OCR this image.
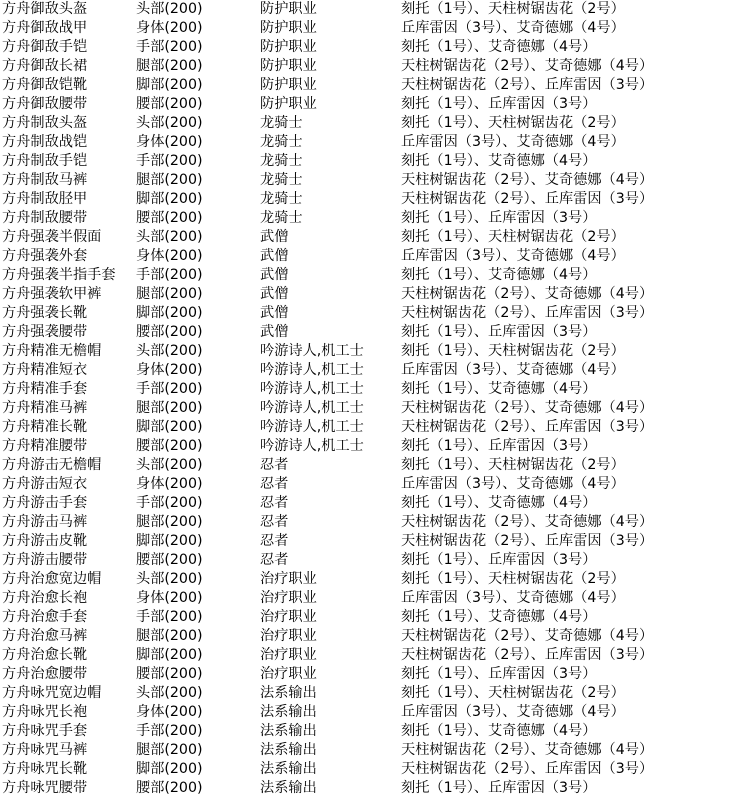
方舟御敌头盔	头部(200)	防护职业	刻托（1号）、天柱树锯齿花（2号）
方舟御敌战甲	身体(200)	防护职业	丘库雷因（3号）、艾奇德娜（4号）
方舟御敌手铠	手部(200)	防护职业	刻托（1号）、艾奇德娜（4号）
方舟御敌长裙	腿部(200)	防护职业	天柱树锯齿花（2号）、艾奇德娜（4号）
方舟御敌铠靴	脚部(200)	防护职业	天柱树锯齿花（2号）、丘库雷因（3号）
方舟御敌腰带	腰部(200)	防护职业	刻托（1号）、丘库雷因（3号）
方舟制敌头盔	头部(200)	龙骑士	刻托（1号）、天柱树锯齿花（2号）
方舟制敌战铠	身体(200)	龙骑士	丘库雷因（3号）、艾奇德娜（4号）
方舟制敌手铠	手部(200)	龙骑士	刻托（1号）、艾奇德娜（4号）
方舟制敌马裤	腿部(200)	龙骑士	天柱树锯齿花（2号）、艾奇德娜（4号）
方舟制敌胫甲	脚部(200)	龙骑士	天柱树锯齿花（2号）、丘库雷因（3号）
方舟制敌腰带	腰部(200)	龙骑士	刻托（1号）、丘库雷因（3号）
方舟强袭半假面	头部(200)	武僧	刻托（1号）、天柱树锯齿花（2号）
方舟强袭外套	身体(200)	武僧	丘库雷因（3号）、艾奇德娜（4号）
方舟强袭半指手套	手部(200)	武僧	刻托（1号）、艾奇德娜（4号）
方舟强袭软甲裤	腿部(200)	武僧	天柱树锯齿花（2号）、艾奇德娜（4号）
方舟强袭长靴	脚部(200)	武僧	天柱树锯齿花（2号）、丘库雷因（3号）
方舟强袭腰带	腰部(200)	武僧	刻托（1号）、丘库雷因（3号）
方舟精准无檐帽	头部(200)	吟游诗人,机工士	刻托（1号）、天柱树锯齿花（2号）
方舟精准短衣	身体(200)	吟游诗人,机工士	丘库雷因（3号）、艾奇德娜（4号）
方舟精准手套	手部(200)	吟游诗人,机工士	刻托（1号）、艾奇德娜（4号）
方舟精准马裤	腿部(200)	吟游诗人,机工士	天柱树锯齿花（2号）、艾奇德娜（4号）
方舟精准长靴	脚部(200)	吟游诗人,机工士	天柱树锯齿花（2号）、丘库雷因（3号）
方舟精准腰带	腰部(200)	吟游诗人,机工士	刻托（1号）、丘库雷因（3号）
方舟游击无檐帽	头部(200)	忍者	刻托（1号）、天柱树锯齿花（2号）
方舟游击短衣	身体(200)	忍者	丘库雷因（3号）、艾奇德娜（4号）
方舟游击手套	手部(200)	忍者	刻托（1号）、艾奇德娜（4号）
方舟游击马裤	腿部(200)	忍者	天柱树锯齿花（2号）、艾奇德娜（4号）
方舟游击皮靴	脚部(200)	忍者	天柱树锯齿花（2号）、丘库雷因（3号）
方舟游击腰带	腰部(200)	忍者	刻托（1号）、丘库雷因（3号）
方舟治愈宽边帽	头部(200)	治疗职业	刻托（1号）、天柱树锯齿花（2号）
方舟治愈长袍	身体(200)	治疗职业	丘库雷因（3号）、艾奇德娜（4号）
方舟治愈手套	手部(200)	治疗职业	刻托（1号）、艾奇德娜（4号）
方舟治愈马裤	腿部(200)	治疗职业	天柱树锯齿花（2号）、艾奇德娜（4号）
方舟治愈长靴	脚部(200)	治疗职业	天柱树锯齿花（2号）、丘库雷因（3号）
方舟治愈腰带	腰部(200)	治疗职业	刻托（1号）、丘库雷因（3号）
方舟咏咒宽边帽	头部(200)	法系输出	刻托（1号）、天柱树锯齿花（2号）
方舟咏咒长袍	身体(200)	法系输出	丘库雷因（3号）、艾奇德娜（4号）
方舟咏咒手套	手部(200)	法系输出	刻托（1号）、艾奇德娜（4号）
方舟咏咒马裤	腿部(200)	法系输出	天柱树锯齿花（2号）、艾奇德娜（4号）
方舟咏咒长靴	脚部(200)	法系输出	天柱树锯齿花（2号）、丘库雷因（3号）
方舟咏咒腰带	腰部(200)	法系输出	刻托（1号）、丘库雷因（3号）
